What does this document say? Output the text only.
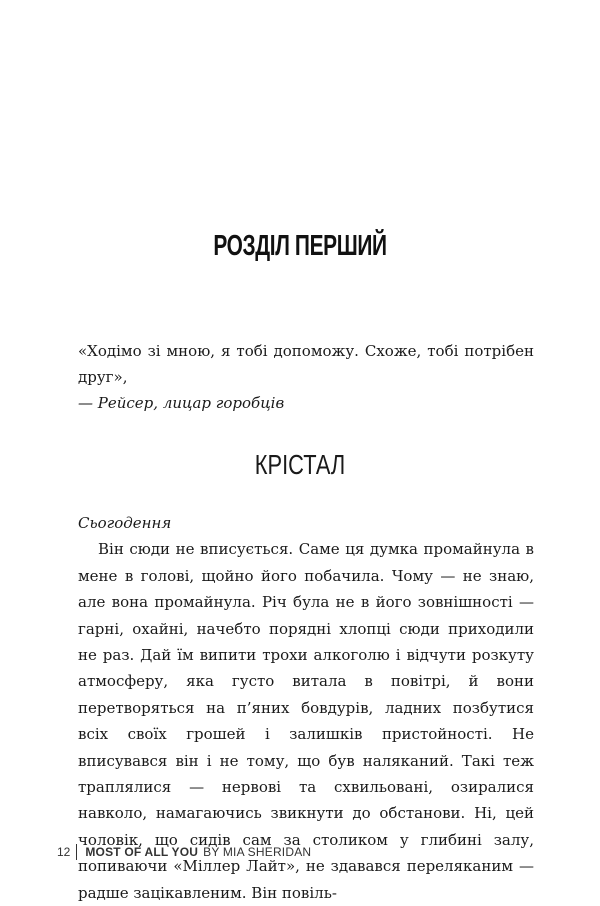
РОЗДІЛ ПЕРШИЙ

«Ходімо зі мною, я тобі допоможу. Схоже, тобі потрібен друг»,

— Рейсер, лицар горобців

КРІСТАЛ

Сьогодення

Він сюди не вписується. Саме ця думка промайнула в мене в голові, щойно його побачила. Чому — не знаю, але вона промайнула. Річ була не в його зовнішності — гарні, охайні, начебто порядні хлопці сюди приходили не раз. Дай їм випити трохи алкоголю і відчути розкуту атмосферу, яка густо витала в повітрі, й вони перетворяться на п’яних бовдурів, ладних позбутися всіх своїх грошей і залишків пристойності. Не вписувався він і не тому, що був наляканий. Такі теж траплялися — нервові та схвильовані, озиралися навколо, намагаючись звикнути до обстанови. Ні, цей чоловік, що сидів сам за столиком у глибині залу, попиваючи «Міллер Лайт», не здавався переляканим — радше зацікавленим. Він повіль-

12 MOST OF ALL YOU BY MIA SHERIDAN
